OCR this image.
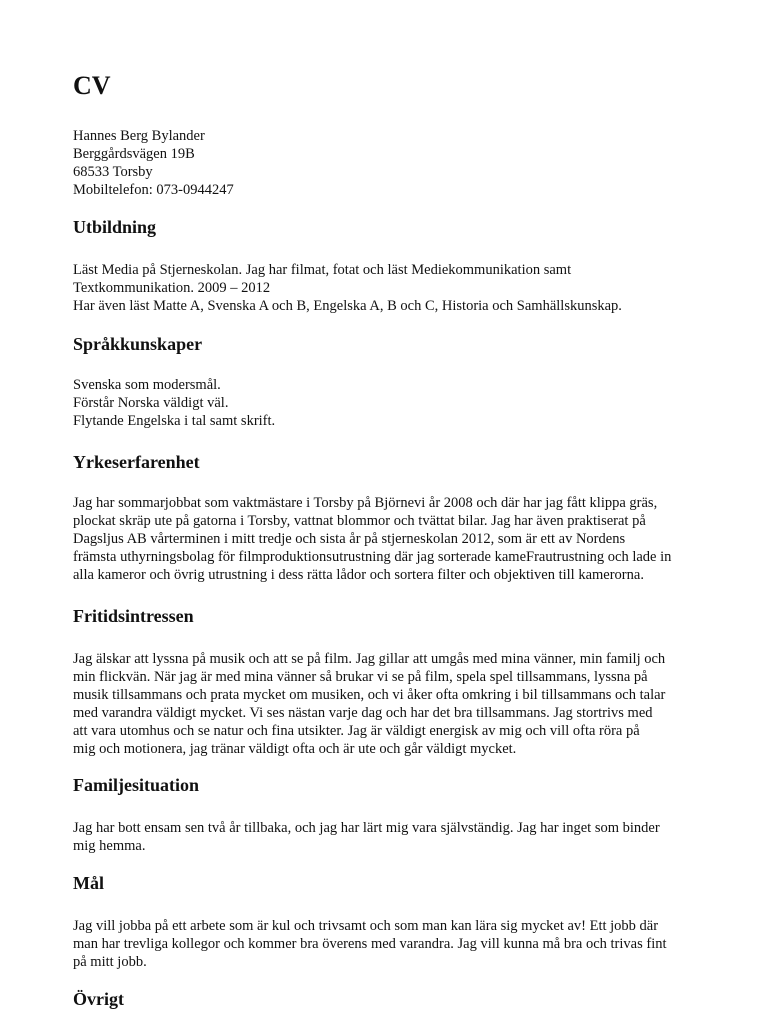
CV
Hannes Berg Bylander
Berggårdsvägen 19B
68533 Torsby
Mobiltelefon: 073-0944247
Utbildning
Läst Media på Stjerneskolan. Jag har filmat, fotat och läst Mediekommunikation samt
Textkommunikation. 2009 – 2012
Har även läst Matte A, Svenska A och B, Engelska A, B och C, Historia och Samhällskunskap.
Språkkunskaper
Svenska som modersmål.
Förstår Norska väldigt väl.
Flytande Engelska i tal samt skrift.
Yrkeserfarenhet
Jag har sommarjobbat som vaktmästare i Torsby på Björnevi år 2008 och där har jag fått klippa gräs,
plockat skräp ute på gatorna i Torsby, vattnat blommor och tvättat bilar. Jag har även praktiserat på
Dagsljus AB vårterminen i mitt tredje och sista år på stjerneskolan 2012, som är ett av Nordens
främsta uthyrningsbolag för filmproduktionsutrustning där jag sorterade kameFrautrustning och lade in
alla kameror och övrig utrustning i dess rätta lådor och sortera filter och objektiven till kamerorna.
Fritidsintressen
Jag älskar att lyssna på musik och att se på film. Jag gillar att umgås med mina vänner, min familj och
min flickvän. När jag är med mina vänner så brukar vi se på film, spela spel tillsammans, lyssna på
musik tillsammans och prata mycket om musiken, och vi åker ofta omkring i bil tillsammans och talar
med varandra väldigt mycket. Vi ses nästan varje dag och har det bra tillsammans. Jag stortrivs med
att vara utomhus och se natur och fina utsikter. Jag är väldigt energisk av mig och vill ofta röra på
mig och motionera, jag tränar väldigt ofta och är ute och går väldigt mycket.
Familjesituation
Jag har bott ensam sen två år tillbaka, och jag har lärt mig vara självständig. Jag har inget som binder
mig hemma.
Mål
Jag vill jobba på ett arbete som är kul och trivsamt och som man kan lära sig mycket av! Ett jobb där
man har trevliga kollegor och kommer bra överens med varandra. Jag vill kunna må bra och trivas fint
på mitt jobb.
Övrigt
